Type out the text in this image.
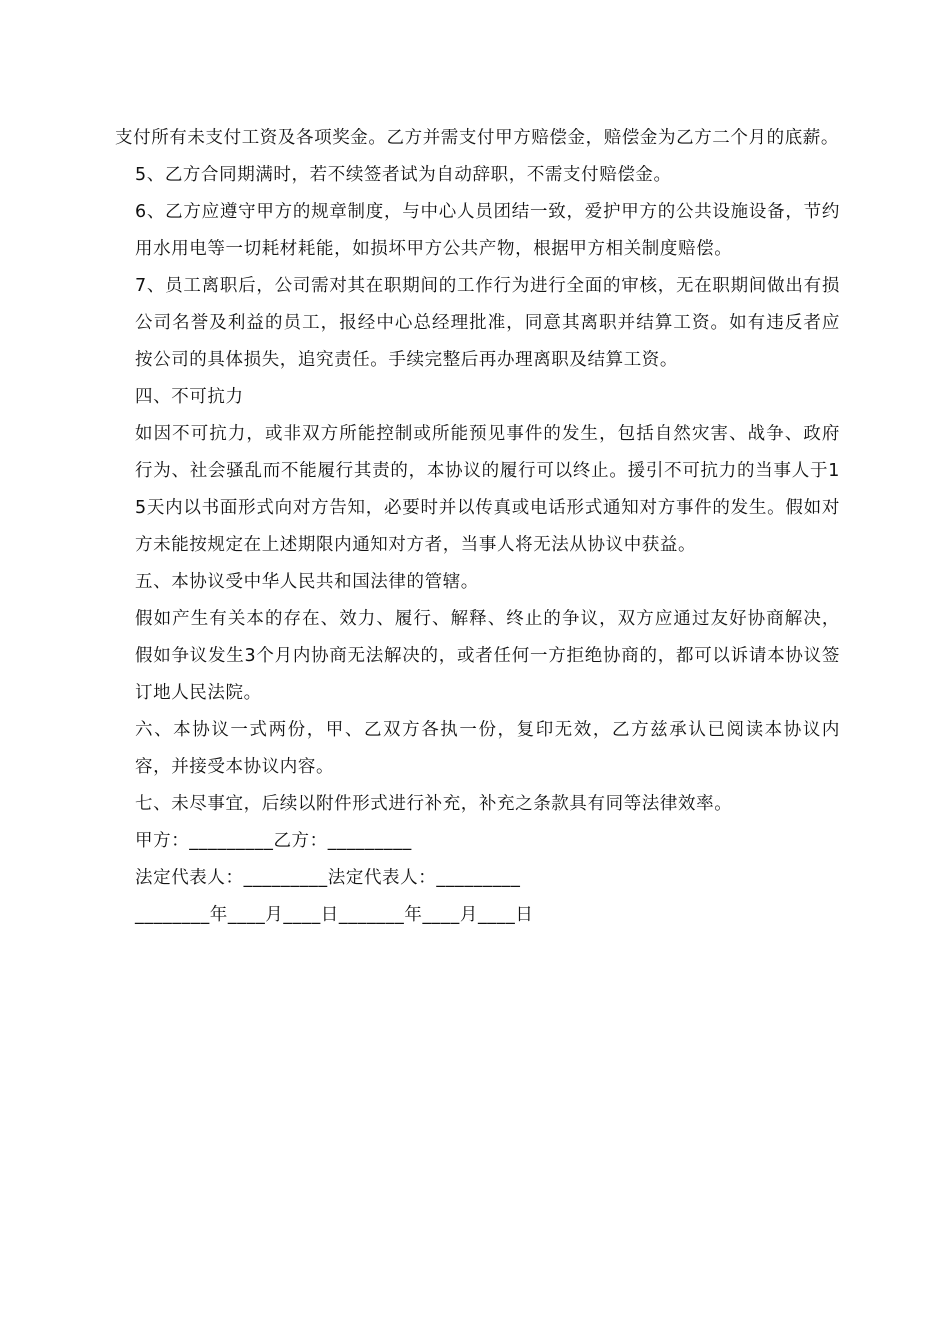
支付所有未支付工资及各项奖金。乙方并需支付甲方赔偿金，赔偿金为乙方二个月的底薪。

5、乙方合同期满时，若不续签者试为自动辞职，不需支付赔偿金。

6、乙方应遵守甲方的规章制度，与中心人员团结一致，爱护甲方的公共设施设备，节约用水用电等一切耗材耗能，如损坏甲方公共产物，根据甲方相关制度赔偿。

7、员工离职后，公司需对其在职期间的工作行为进行全面的审核，无在职期间做出有损公司名誉及利益的员工，报经中心总经理批准，同意其离职并结算工资。如有违反者应按公司的具体损失，追究责任。手续完整后再办理离职及结算工资。

四、不可抗力

如因不可抗力，或非双方所能控制或所能预见事件的发生，包括自然灾害、战争、政府行为、社会骚乱而不能履行其责的，本协议的履行可以终止。援引不可抗力的当事人于15天内以书面形式向对方告知，必要时并以传真或电话形式通知对方事件的发生。假如对方未能按规定在上述期限内通知对方者，当事人将无法从协议中获益。

五、本协议受中华人民共和国法律的管辖。

假如产生有关本的存在、效力、履行、解释、终止的争议，双方应通过友好协商解决，假如争议发生3个月内协商无法解决的，或者任何一方拒绝协商的，都可以诉请本协议签订地人民法院。

六、本协议一式两份，甲、乙双方各执一份，复印无效，乙方兹承认已阅读本协议内容，并接受本协议内容。

七、未尽事宜，后续以附件形式进行补充，补充之条款具有同等法律效率。

甲方：_________乙方：_________

法定代表人：_________法定代表人：_________

________年____月____日_______年____月____日
